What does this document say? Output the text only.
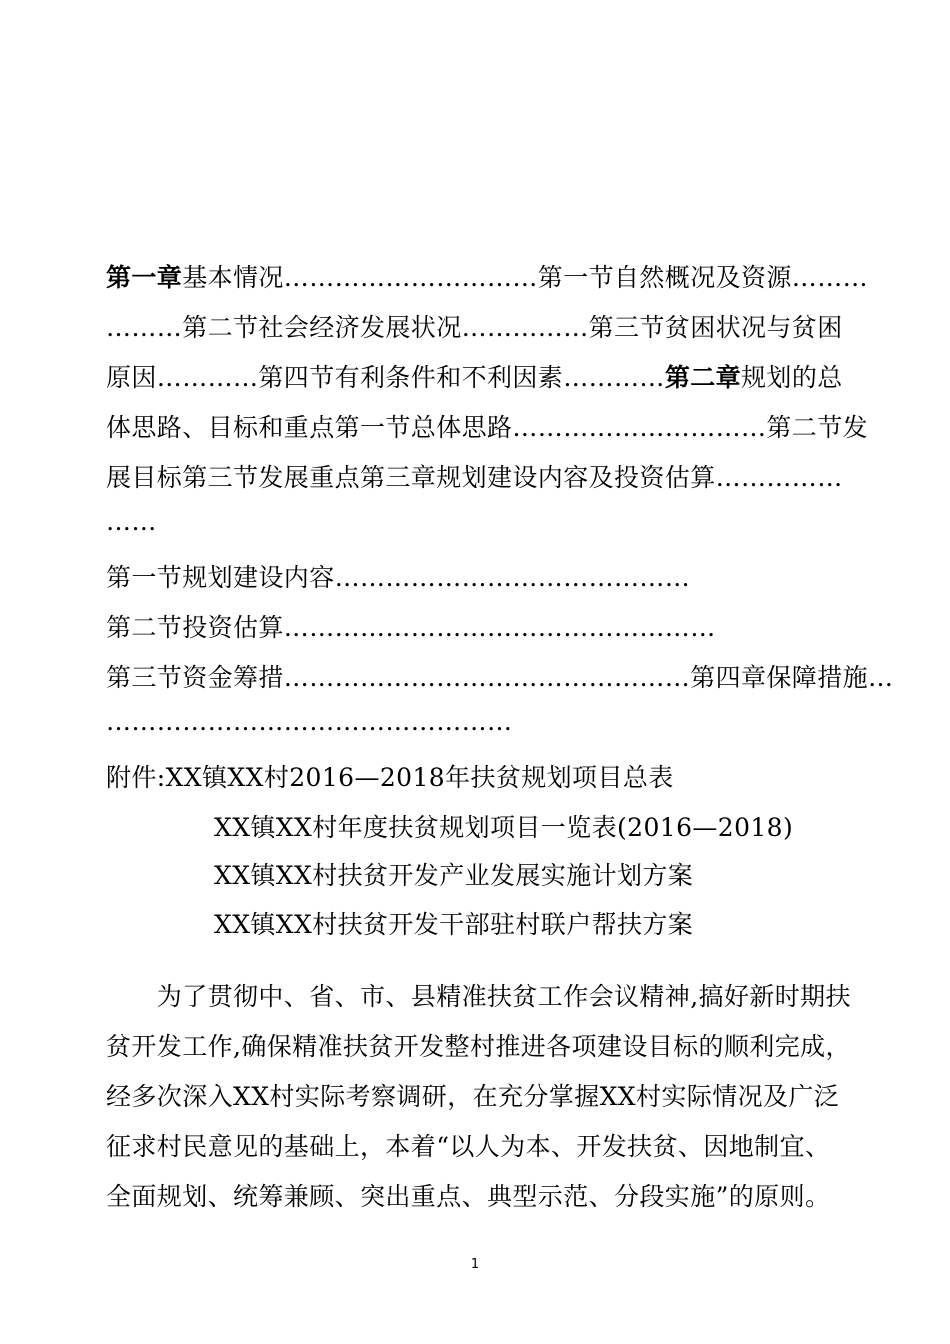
第一章基本情况…………………………第一节自然概况及资源………
………第二节社会经济发展状况……………第三节贫困状况与贫困
原因…………第四节有利条件和不利因素…………第二章规划的总
体思路、目标和重点第一节总体思路…………………………第二节发
展目标第三节发展重点第三章规划建设内容及投资估算……………
……
第一节规划建设内容……………………………………
第二节投资估算……………………………………………
第三节资金筹措…………………………………………第四章保障措施…
…………………………………………
附件:XX镇XX村2016—2018年扶贫规划项目总表
XX镇XX村年度扶贫规划项目一览表(2016—2018)
XX镇XX村扶贫开发产业发展实施计划方案
XX镇XX村扶贫开发干部驻村联户帮扶方案
　　为了贯彻中、省、市、县精准扶贫工作会议精神,搞好新时期扶
贫开发工作,确保精准扶贫开发整村推进各项建设目标的顺利完成，
经多次深入XX村实际考察调研，在充分掌握XX村实际情况及广泛
征求村民意见的基础上，本着“以人为本、开发扶贫、因地制宜、
全面规划、统筹兼顾、突出重点、典型示范、分段实施”的原则。
1
